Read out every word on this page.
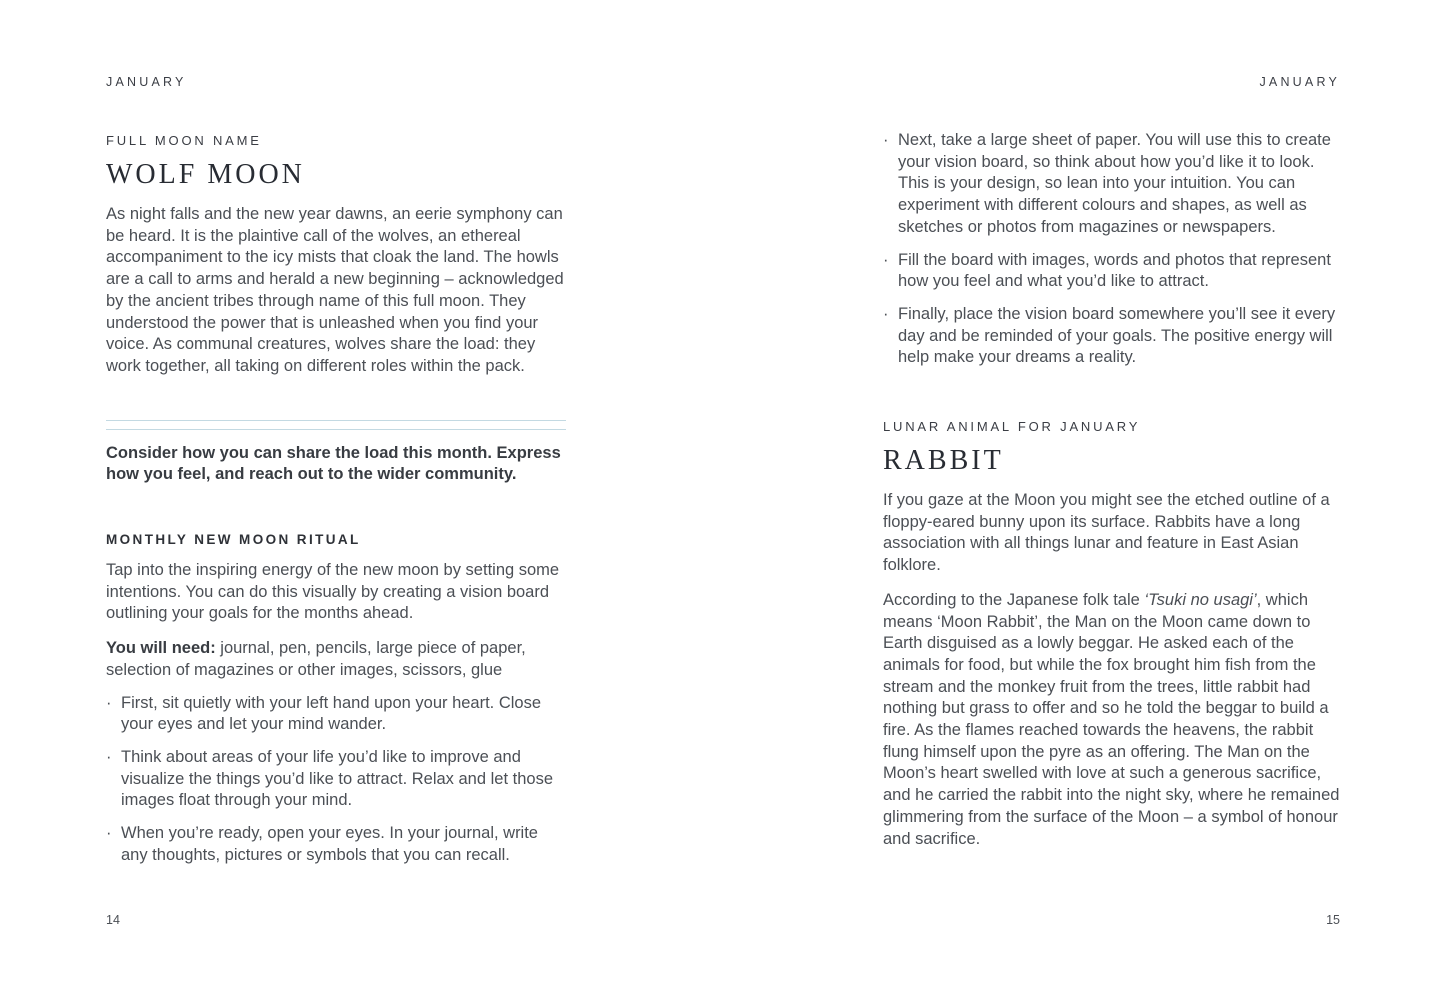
JANUARY	JANUARY
FULL MOON NAME
WOLF MOON

As night falls and the new year dawns, an eerie symphony can be heard. It is the plaintive call of the wolves, an ethereal accompaniment to the icy mists that cloak the land. The howls are a call to arms and herald a new beginning – acknowledged by the ancient tribes through name of this full moon. They understood the power that is unleashed when you find your voice. As communal creatures, wolves share the load: they work together, all taking on different roles within the pack.

Consider how you can share the load this month. Express how you feel, and reach out to the wider community.

MONTHLY NEW MOON RITUAL

Tap into the inspiring energy of the new moon by setting some intentions. You can do this visually by creating a vision board outlining your goals for the months ahead.

You will need: journal, pen, pencils, large piece of paper, selection of magazines or other images, scissors, glue

· First, sit quietly with your left hand upon your heart. Close your eyes and let your mind wander.
· Think about areas of your life you’d like to improve and visualize the things you’d like to attract. Relax and let those images float through your mind.
· When you’re ready, open your eyes. In your journal, write any thoughts, pictures or symbols that you can recall.
· Next, take a large sheet of paper. You will use this to create your vision board, so think about how you’d like it to look. This is your design, so lean into your intuition. You can experiment with different colours and shapes, as well as sketches or photos from magazines or newspapers.
· Fill the board with images, words and photos that represent how you feel and what you’d like to attract.
· Finally, place the vision board somewhere you’ll see it every day and be reminded of your goals. The positive energy will help make your dreams a reality.
LUNAR ANIMAL FOR JANUARY
RABBIT

If you gaze at the Moon you might see the etched outline of a floppy-eared bunny upon its surface. Rabbits have a long association with all things lunar and feature in East Asian folklore.

According to the Japanese folk tale ‘Tsuki no usagi’, which means ‘Moon Rabbit’, the Man on the Moon came down to Earth disguised as a lowly beggar. He asked each of the animals for food, but while the fox brought him fish from the stream and the monkey fruit from the trees, little rabbit had nothing but grass to offer and so he told the beggar to build a fire. As the flames reached towards the heavens, the rabbit flung himself upon the pyre as an offering. The Man on the Moon’s heart swelled with love at such a generous sacrifice, and he carried the rabbit into the night sky, where he remained glimmering from the surface of the Moon – a symbol of honour and sacrifice.

14	15
